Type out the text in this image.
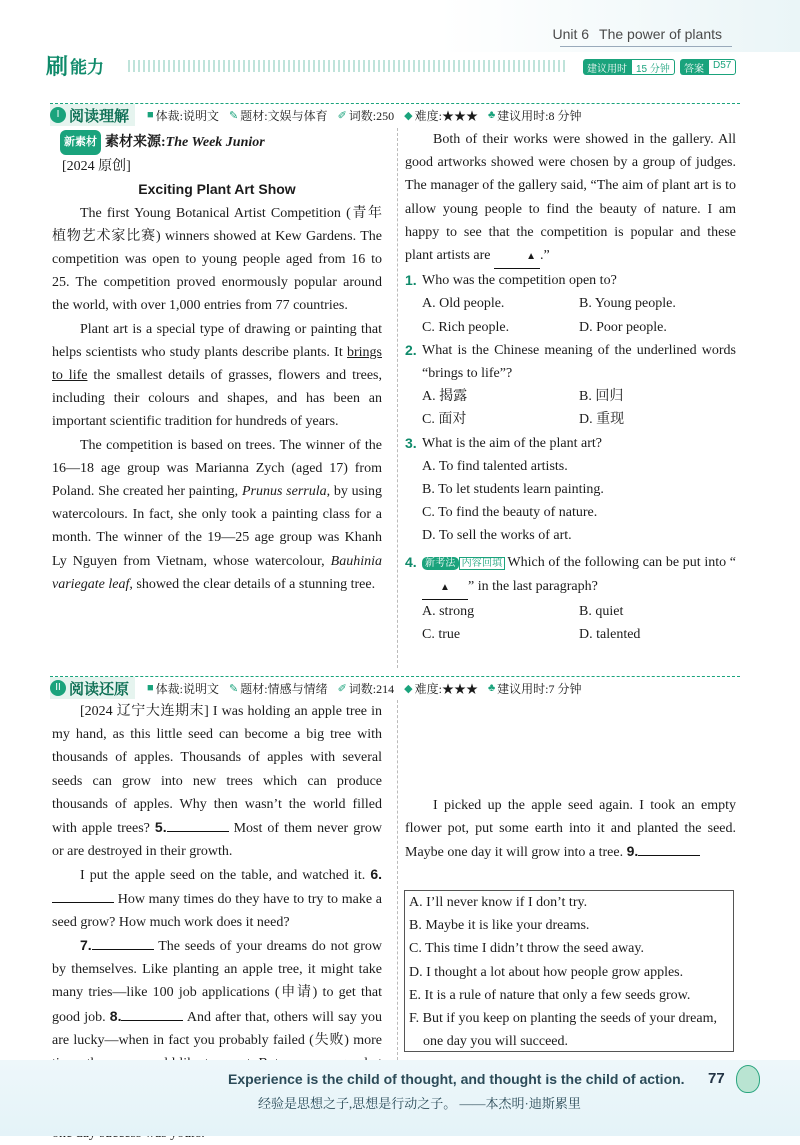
Unit 6 The power of plants
刷 能力	建议用时 15 分钟	答案 D57
I 阅读理解 ■ 体裁:说明文 ✎ 题材:文娱与体育 ✐ 词数:250 ◆ 难度:★★★ ♣ 建议用时:8 分钟
新素材 素材来源: The Week Junior

[2024 原创]

Exciting Plant Art Show

The first Young Botanical Artist Competition (青年植物艺术家比赛) winners showed at Kew Gardens. The competition was open to young people aged from 16 to 25. The competition proved enormously popular around the world, with over 1,000 entries from 77 countries.

Plant art is a special type of drawing or painting that helps scientists who study plants describe plants. It brings to life the smallest details of grasses, flowers and trees, including their colours and shapes, and has been an important scientific tradition for hundreds of years.

The competition is based on trees. The winner of the 16—18 age group was Marianna Zych (aged 17) from Poland. She created her painting, Prunus serrula, by using watercolours. In fact, she only took a painting class for a month. The winner of the 19—25 age group was Khanh Ly Nguyen from Vietnam, whose watercolour, Bauhinia variegate leaf, showed the clear details of a stunning tree.

Both of their works were showed in the gallery. All good artworks showed were chosen by a group of judges. The manager of the gallery said, “The aim of plant art is to allow young people to find the beauty of nature. I am happy to see that the competition is popular and these plant artists are	▲ .”

1. Who was the competition open to?
A. Old people.	B. Young people.
C. Rich people.	D. Poor people.
2. What is the Chinese meaning of the underlined words “brings to life”?
A. 揭露	B. 回归
C. 面对	D. 重现
3. What is the aim of the plant art?
A. To find talented artists.
B. To let students learn painting.
C. To find the beauty of nature.
D. To sell the works of art.
4. 新考法 内容回填 Which of the following can be put into “▲ ” in the last paragraph?
A. strong	B. quiet
C. true	D. talented
II 阅读还原 ■ 体裁:说明文 ✎ 题材:情感与情绪 ✐ 词数:214 ◆ 难度:★★★ ♣ 建议用时:7 分钟

[2024 辽宁大连期末] I was holding an apple tree in my hand, as this little seed can become a big tree with thousands of apples. Thousands of apples with several seeds can grow into new trees which can produce thousands of apples. Why then wasn’t the world filled with apple trees? 5.	Most of them never grow or are destroyed in their growth.

I put the apple seed on the table, and watched it. 6. How many times do they have to try to make a seed grow? How much work does it need?

7.	The seeds of your dreams do not grow by themselves. Like planting an apple tree, it might take many tries—like 100 job applications (申请) to get that good job. 8.	And after that, others will say you are lucky—when in fact you probably failed (失败) more

I picked up the apple seed again. I took an empty flower pot, put some earth into it and planted the seed. Maybe one day it will grow into a tree. 9.

A. I’ll never know if I don’t try.
B. Maybe it is like your dreams.
C. This time I didn’t throw the seed away.
D. I thought a lot about how people grow apples.
E. It is a rule of nature that only a few seeds grow.
F. But if you keep on planting the seeds of your dream, one day you will succeed.
Experience is the child of thought, and thought is the child of action.
经验是思想之子,思想是行动之子。 ——本杰明·迪斯累里
77
